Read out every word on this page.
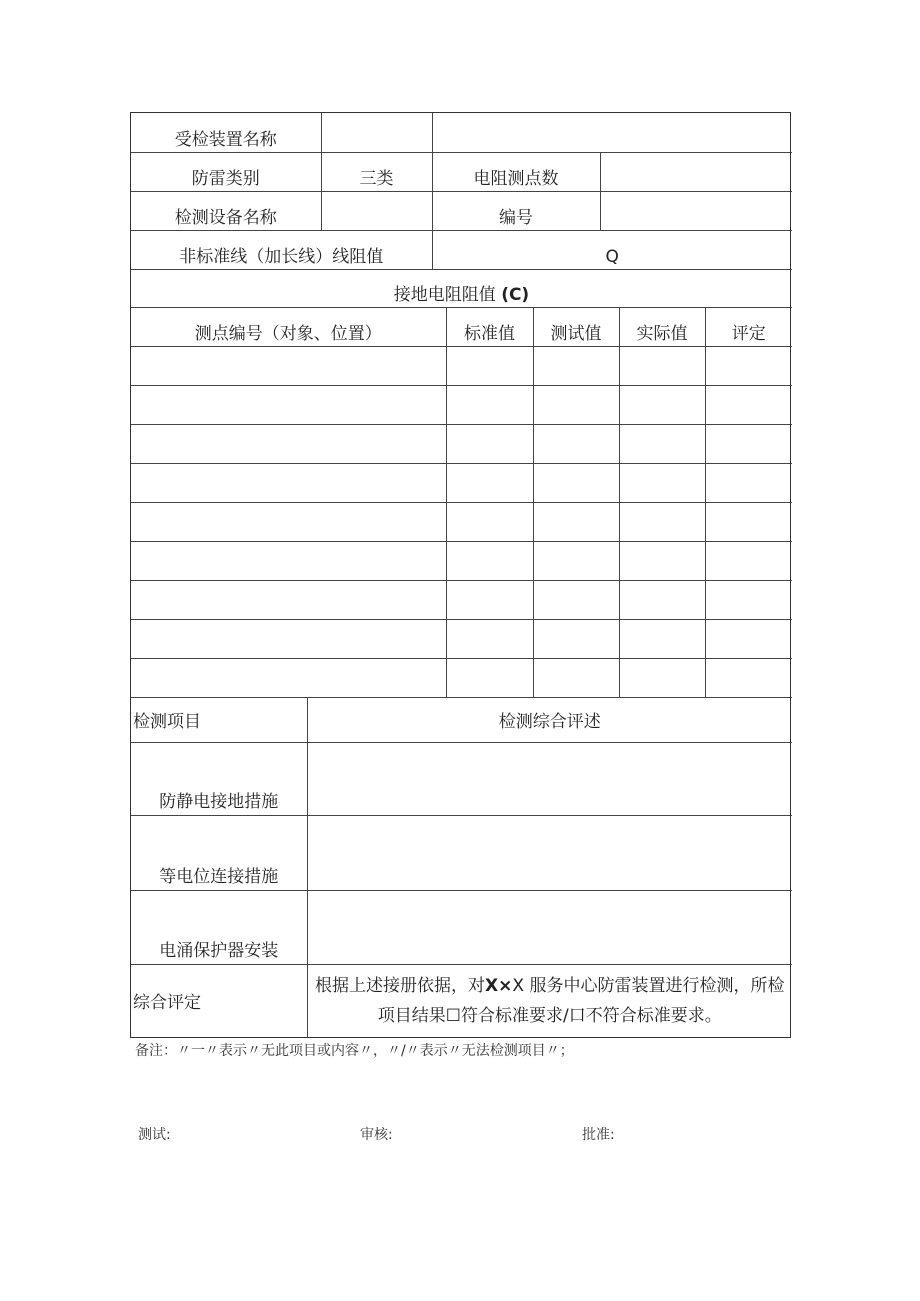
受检装置名称			
防雷类别	三类	电阻测点数	
检测设备名称		编号	
非标准线（加长线）线阻值		Q	
接地电阻阻值 (C)			
测点编号（对象、位置）	标准值	测试值	实际值	评定

检测项目	检测综合评述
防静电接地措施	
等电位连接措施	
电涌保护器安装	
综合评定	根据上述接册依据，对X×X 服务中心防雷装置进行检测，所检项目结果☐符合标准要求/口不符合标准要求。
备注：〃一〃表示〃无此项目或内容〃，〃/〃表示〃无法检测项目〃；
测试:	审核:	批准:
